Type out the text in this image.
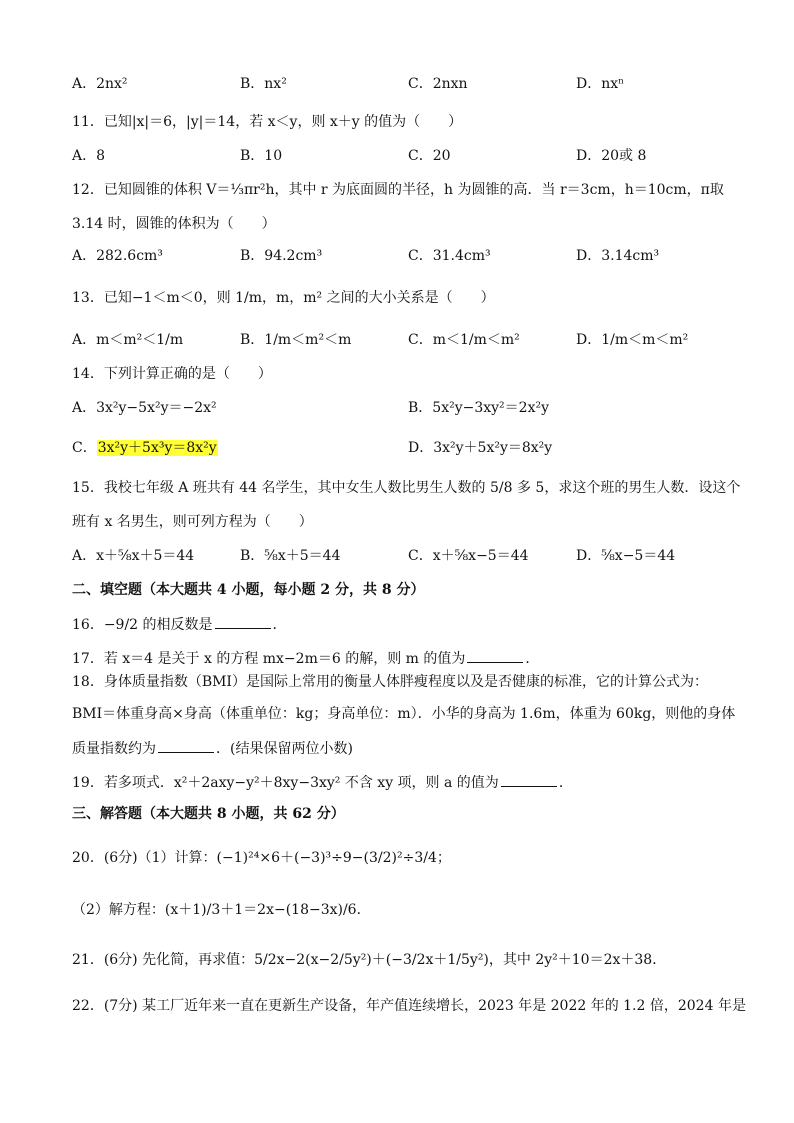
A．2nx²	B．nx²	C．2nxn	D．nxⁿ
11．已知|x|＝6，|y|＝14，若 x＜y，则 x＋y 的值为（　　）
A．8	B．10	C．20	D．20或 8
12．已知圆锥的体积 V＝⅓πr²h，其中 r 为底面圆的半径，h 为圆锥的高．当 r＝3cm，h＝10cm，π取
3.14 时，圆锥的体积为（　　）
A．282.6cm³	B．94.2cm³	C．31.4cm³	D．3.14cm³
13．已知−1＜m＜0，则 1/m，m，m² 之间的大小关系是（　　）
A．m＜m²＜1/m	B．1/m＜m²＜m	C．m＜1/m＜m²	D．1/m＜m＜m²
14．下列计算正确的是（　　）
A．3x²y−5x²y＝−2x²	B．5x²y−3xy²＝2x²y
C．3x²y＋5x³y＝8x²y	D．3x²y＋5x²y＝8x²y
15．我校七年级 A 班共有 44 名学生，其中女生人数比男生人数的 5/8 多 5，求这个班的男生人数．设这个
班有 x 名男生，则可列方程为（　　）
A．x＋⅝x＋5＝44	B．⅝x＋5＝44	C．x＋⅝x−5＝44	D．⅝x−5＝44
二、填空题（本大题共 4 小题，每小题 2 分，共 8 分）
16．−9/2 的相反数是	．
17．若 x＝4 是关于 x 的方程 mx−2m＝6 的解，则 m 的值为	．
18．身体质量指数（BMI）是国际上常用的衡量人体胖瘦程度以及是否健康的标准，它的计算公式为：
BMI＝体重身高×身高（体重单位：kg；身高单位：m）．小华的身高为 1.6m，体重为 60kg，则他的身体
质量指数约为	．(结果保留两位小数)
19．若多项式．x²＋2axy−y²＋8xy−3xy² 不含 xy 项，则 a 的值为	．
三、解答题（本大题共 8 小题，共 62 分）
20．(6分)（1）计算：(−1)²⁴×6＋(−3)³÷9−(3/2)²÷3/4；
（2）解方程：(x＋1)/3＋1＝2x−(18−3x)/6．
21．(6分) 先化简，再求值：5/2x−2(x−2/5y²)＋(−3/2x＋1/5y²)，其中 2y²＋10＝2x＋38．
22．(7分) 某工厂近年来一直在更新生产设备，年产值连续增长，2023 年是 2022 年的 1.2 倍，2024 年是
